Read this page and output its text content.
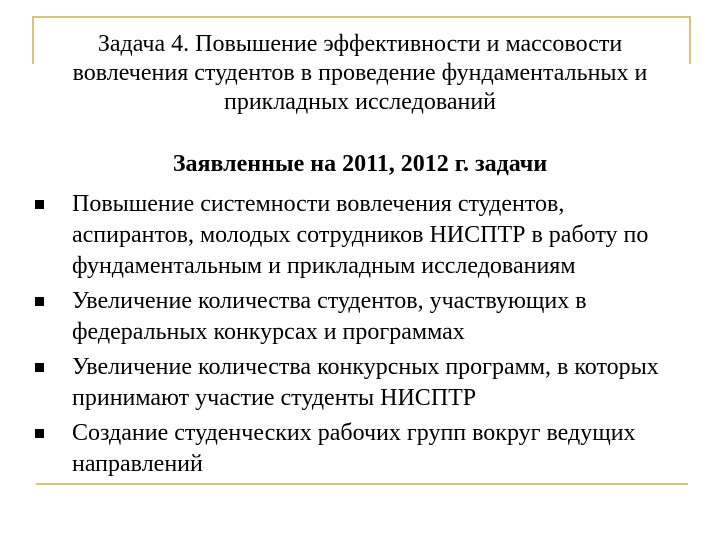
Задача 4. Повышение эффективности и массовости вовлечения студентов в проведение фундаментальных и прикладных исследований
Заявленные на 2011, 2012 г. задачи
Повышение системности вовлечения студентов, аспирантов, молодых сотрудников НИСПТР в работу по фундаментальным и прикладным исследованиям
Увеличение количества студентов, участвующих в федеральных конкурсах и программах
Увеличение количества конкурсных программ, в которых принимают участие студенты НИСПТР
Создание студенческих рабочих групп вокруг ведущих направлений
